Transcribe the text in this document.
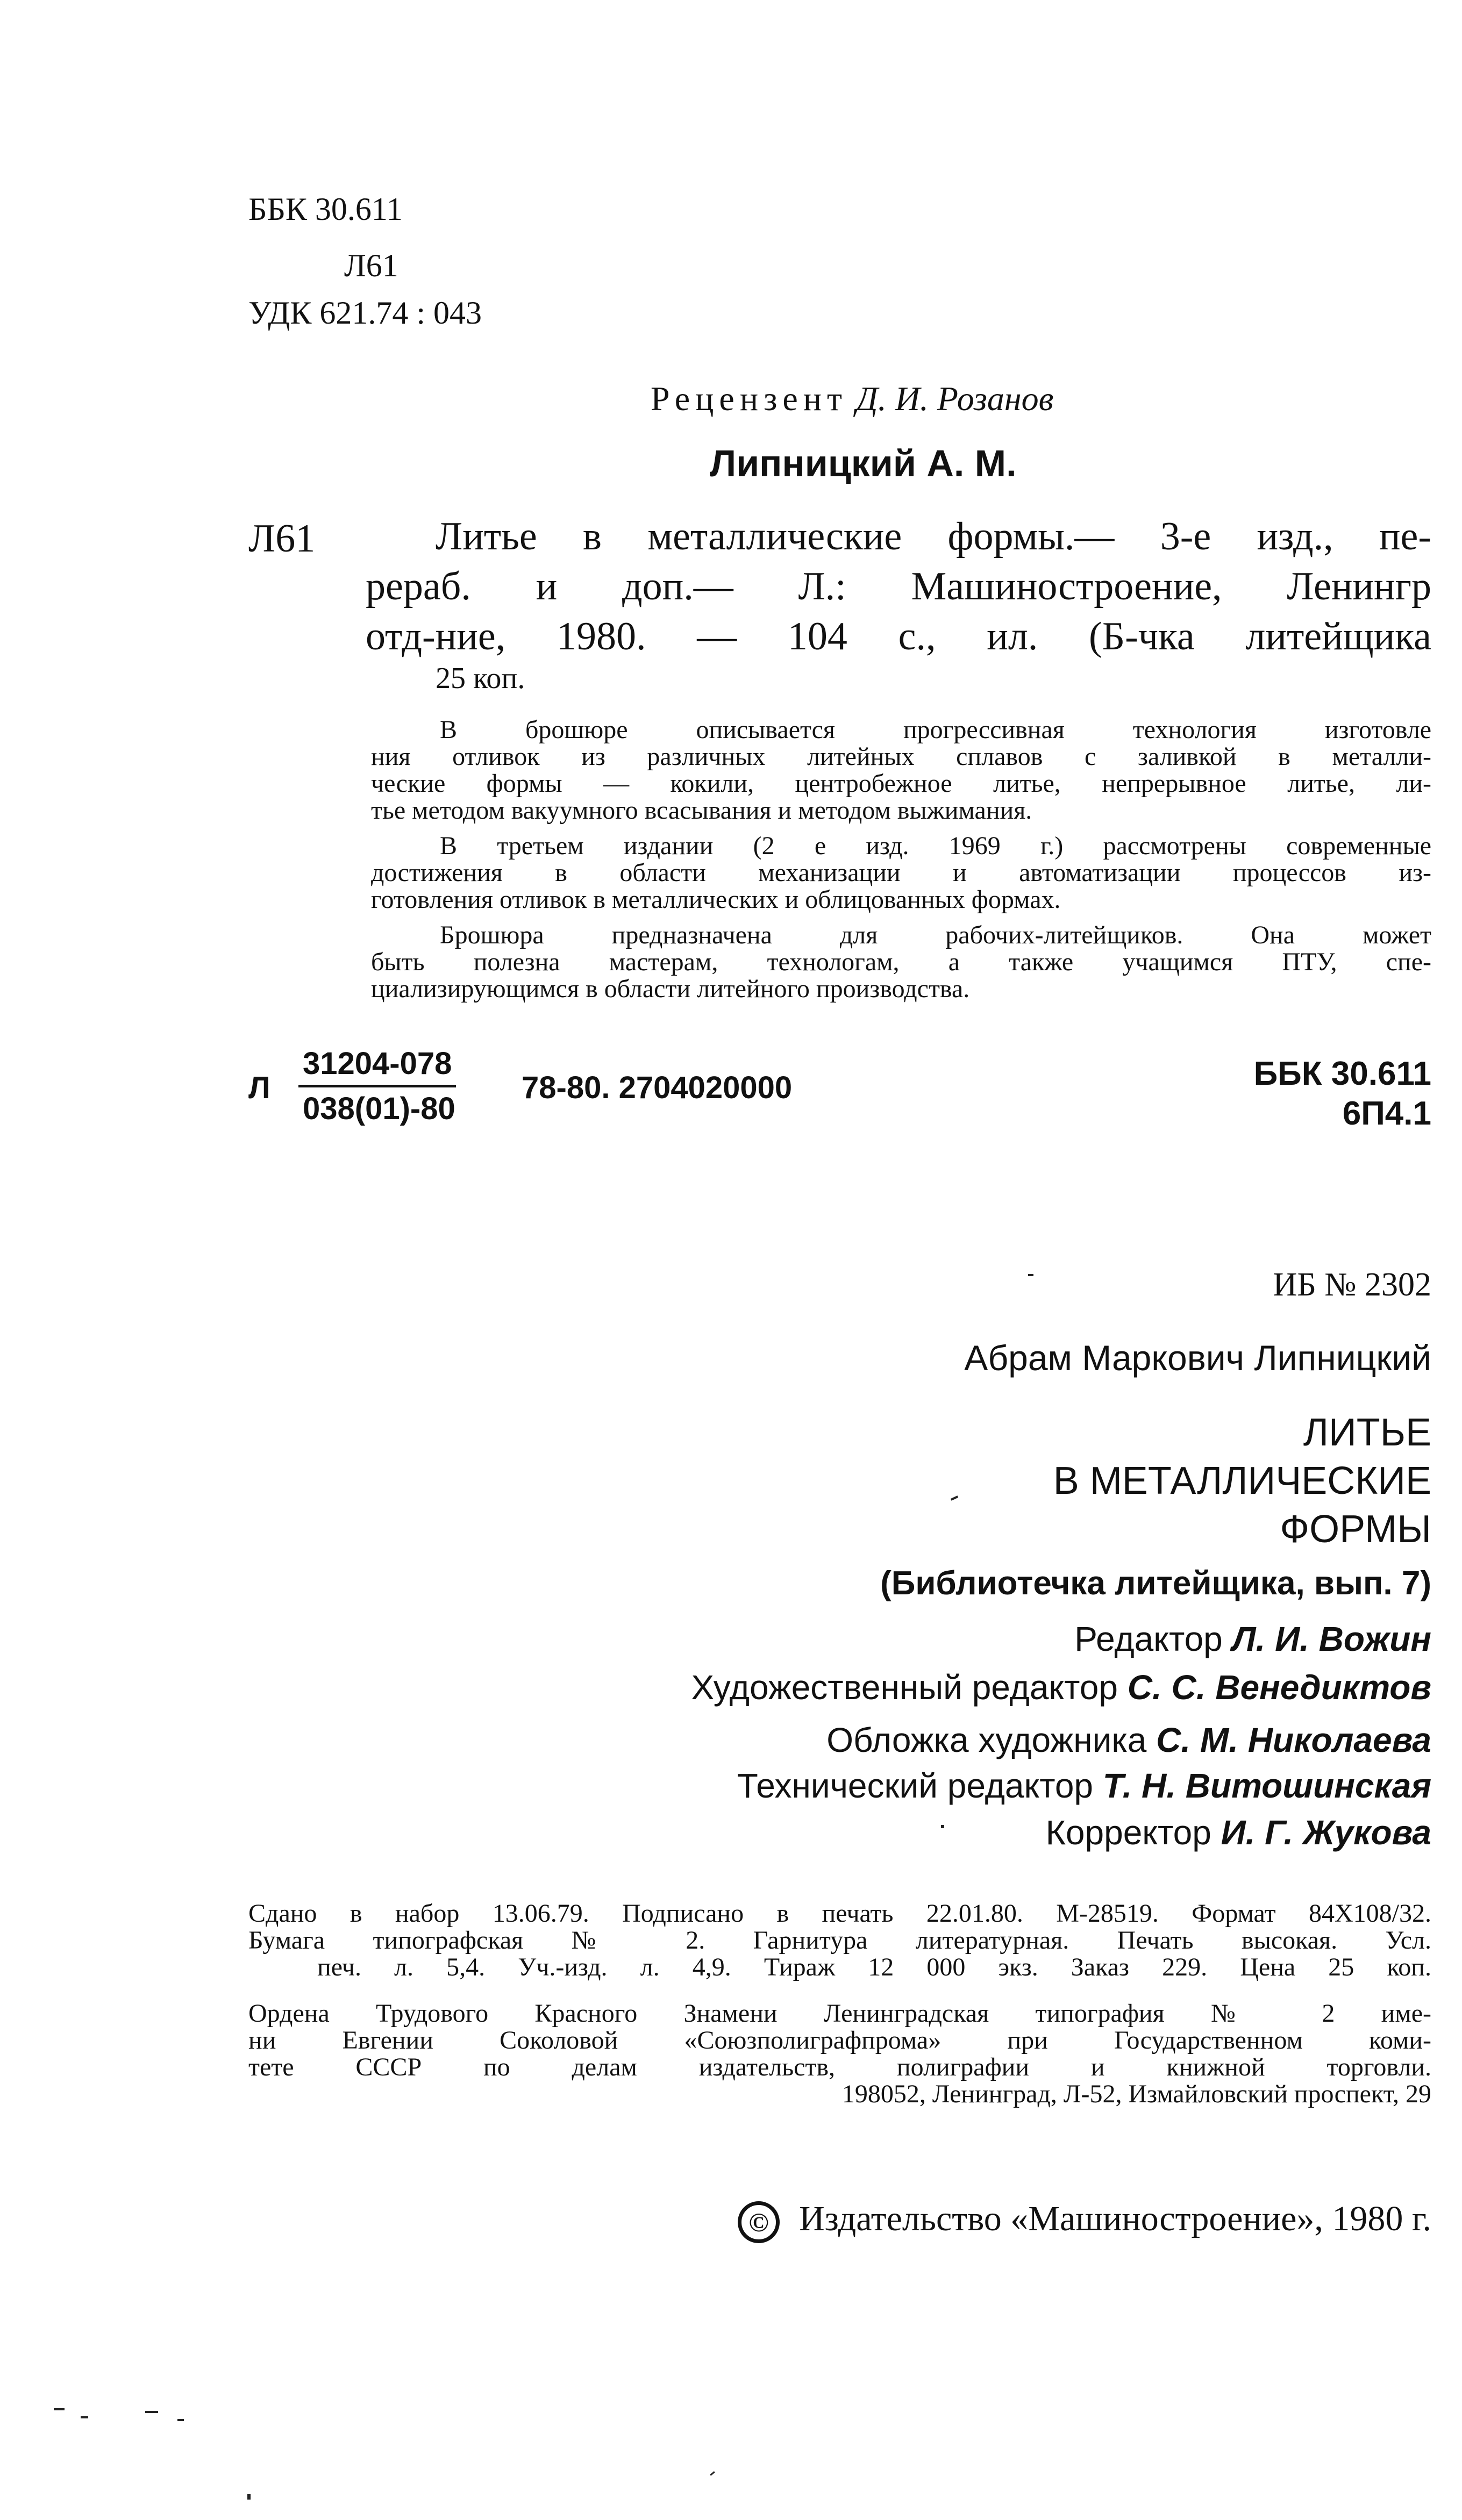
ББК 30.611
Л61
УДК 621.74 : 043
Рецензент Д. И. Розанов
Липницкий А. М.
Л61	Литье в металлические формы.— 3-е изд., пе-
рераб. и доп.— Л.: Машиностроение, Ленингр
отд-ние, 1980. — 104 с., ил. (Б-чка литейщика
25 коп.
В брошюре описывается прогрессивная технология изготовле
ния отливок из различных литейных сплавов с заливкой в металли-
ческие формы — кокили, центробежное литье, непрерывное литье, ли-
тье методом вакуумного всасывания и методом выжимания.
В третьем издании (2 е изд. 1969 г.) рассмотрены современные
достижения в области механизации и автоматизации процессов из-
готовления отливок в металлических и облицованных формах.
Брошюра предназначена для рабочих-литейщиков. Она может
быть полезна мастерам, технологам, а также учащимся ПТУ, спе-
циализирующимся в области литейного производства.
Л $\frac{31204-078}{038(01)-80} 78-80$. 2704020000	ББК 30.611
6П4.1
ИБ № 2302
Абрам Маркович Липницкий
ЛИТЬЕ
В МЕТАЛЛИЧЕСКИЕ
ФОРМЫ
(Библиотечка литейщика, вып. 7)
Редактор Л. И. Вожин
Художественный редактор С. С. Венедиктов
Обложка художника С. М. Николаева
Технический редактор Т. Н. Витошинская
Корректор И. Г. Жукова
Сдано в набор 13.06.79. Подписано в печать 22.01.80. М-28519. Формат 84Х108/32.
Бумага типографская № 2. Гарнитура литературная. Печать высокая. Усл.
печ. л. 5,4. Уч.-изд. л. 4,9. Тираж 12 000 экз. Заказ 229. Цена 25 коп.
Ордена Трудового Красного Знамени Ленинградская типография № 2 име-
ни Евгении Соколовой «Союзполиграфпрома» при Государственном коми-
тете СССР по делам издательств, полиграфии и книжной торговли.
198052, Ленинград, Л-52, Измайловский проспект, 29
© Издательство «Машиностроение», 1980 г.
